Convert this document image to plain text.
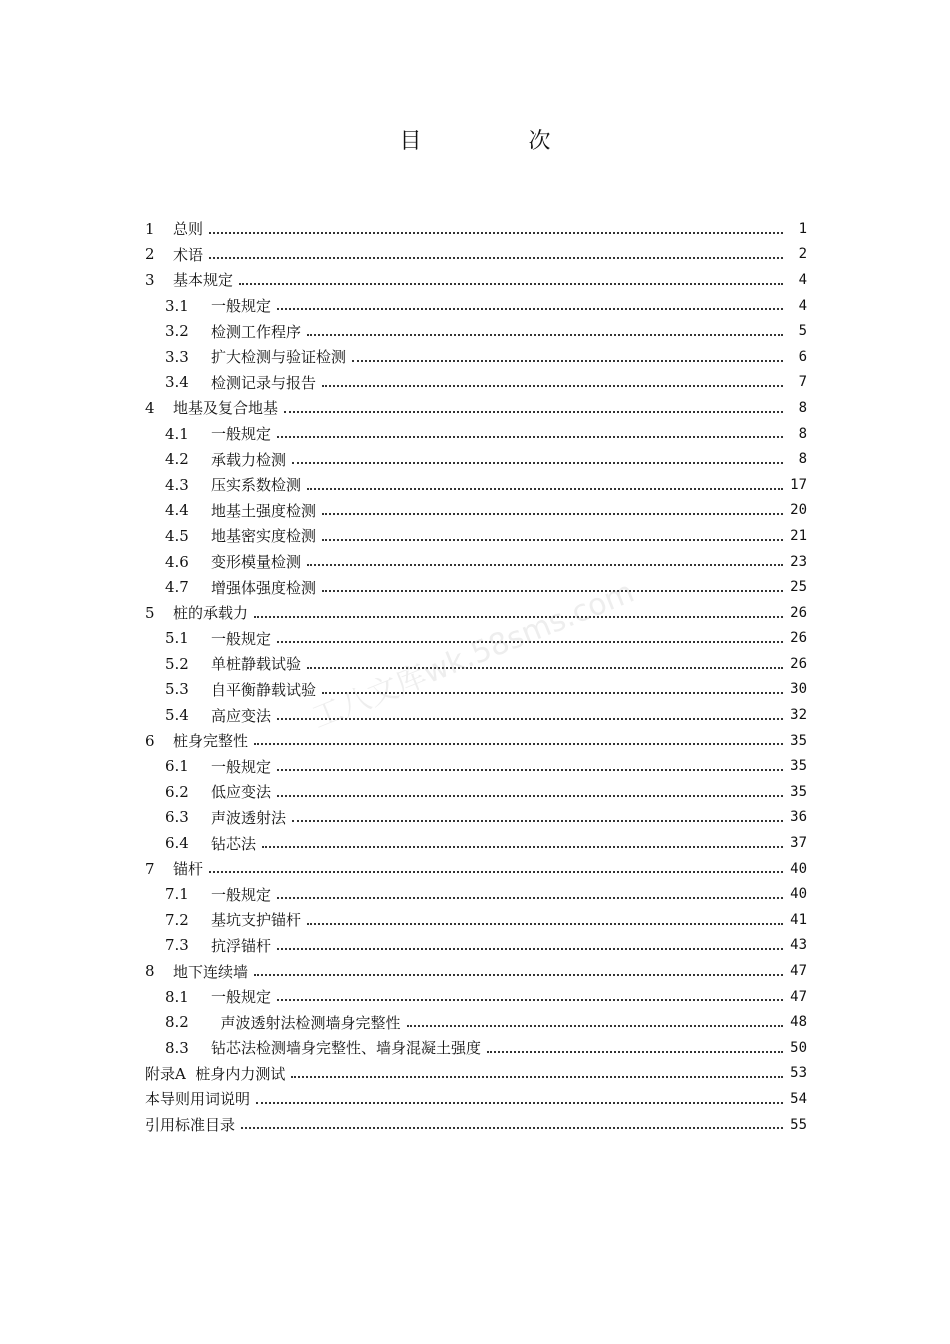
目 次
1	总则	1
2	术语	2
3	基本规定	4
3.1	一般规定	4
3.2	检测工作程序	5
3.3	扩大检测与验证检测	6
3.4	检测记录与报告	7
4	地基及复合地基	8
4.1	一般规定	8
4.2	承载力检测	8
4.3	压实系数检测	17
4.4	地基土强度检测	20
4.5	地基密实度检测	21
4.6	变形模量检测	23
4.7	增强体强度检测	25
5	桩的承载力	26
5.1	一般规定	26
5.2	单桩静载试验	26
5.3	自平衡静载试验	30
5.4	高应变法	32
6	桩身完整性	35
6.1	一般规定	35
6.2	低应变法	35
6.3	声波透射法	36
6.4	钻芯法	37
7	锚杆	40
7.1	一般规定	40
7.2	基坑支护锚杆	41
7.3	抗浮锚杆	43
8	地下连续墙	47
8.1	一般规定	47
8.2	声波透射法检测墙身完整性	48
8.3	钻芯法检测墙身完整性、墙身混凝土强度	50
附录A  桩身内力测试	53
本导则用词说明	54
引用标准目录	55
工八文库wk.58sms.com
